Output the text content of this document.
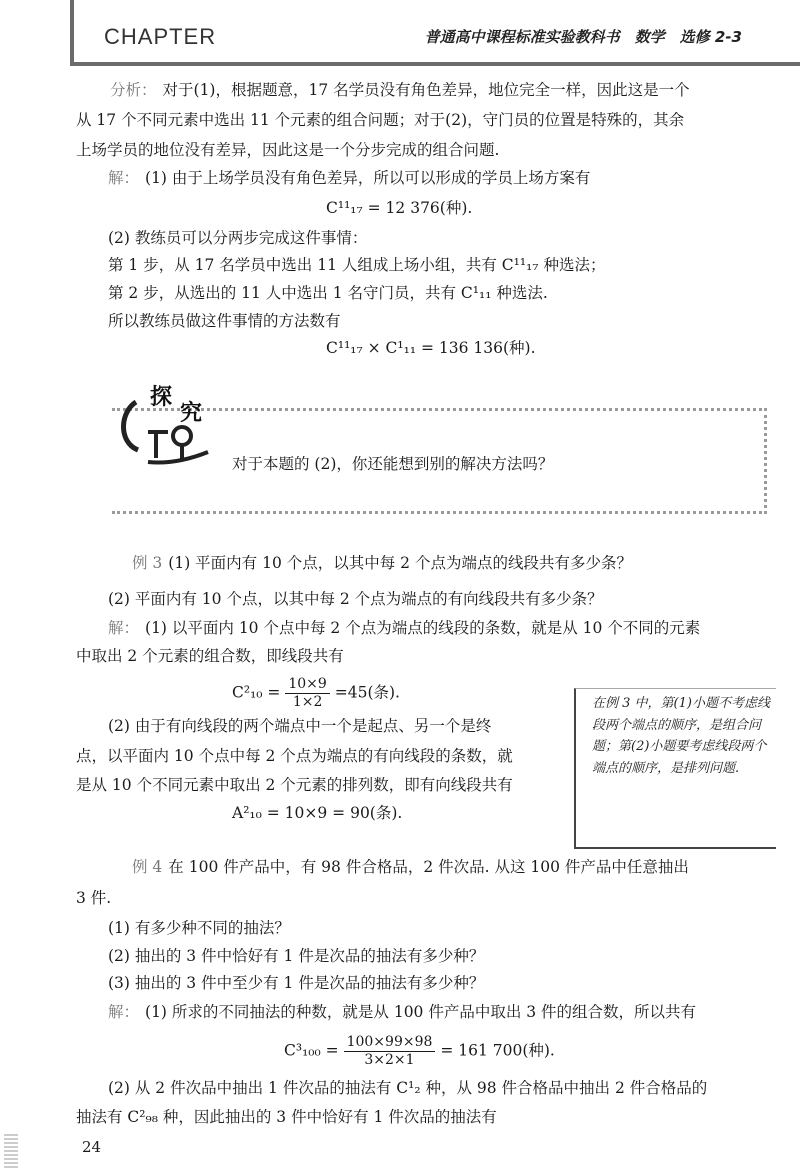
CHAPTER	普通高中课程标准实验教科书　数学　选修 2-3
分析： 对于(1)，根据题意，17 名学员没有角色差异，地位完全一样，因此这是一个
从 17 个不同元素中选出 11 个元素的组合问题；对于(2)，守门员的位置是特殊的，其余
上场学员的地位没有差异，因此这是一个分步完成的组合问题.
解： (1) 由于上场学员没有角色差异，所以可以形成的学员上场方案有
C¹¹₁₇ = 12 376(种).
(2) 教练员可以分两步完成这件事情：
第 1 步，从 17 名学员中选出 11 人组成上场小组，共有 C¹¹₁₇ 种选法；
第 2 步，从选出的 11 人中选出 1 名守门员，共有 C¹₁₁ 种选法.
所以教练员做这件事情的方法数有
C¹¹₁₇ × C¹₁₁ = 136 136(种).
探
究
对于本题的 (2)，你还能想到别的解决方法吗？
例 3 (1) 平面内有 10 个点，以其中每 2 个点为端点的线段共有多少条？
(2) 平面内有 10 个点，以其中每 2 个点为端点的有向线段共有多少条？
解： (1) 以平面内 10 个点中每 2 个点为端点的线段的条数，就是从 10 个不同的元素
中取出 2 个元素的组合数，即线段共有
$C^2_{10} = \frac{10\times 9}{1\times 2} =45$(条).
(2) 由于有向线段的两个端点中一个是起点、另一个是终
点，以平面内 10 个点中每 2 个点为端点的有向线段的条数，就
是从 10 个不同元素中取出 2 个元素的排列数，即有向线段共有
A²₁₀ = 10×9 = 90(条).
在例 3 中，第(1)小题不考虑线段两个端点的顺序，是组合问题；第(2)小题要考虑线段两个端点的顺序，是排列问题.
例 4 在 100 件产品中，有 98 件合格品，2 件次品. 从这 100 件产品中任意抽出
3 件.
(1) 有多少种不同的抽法？
(2) 抽出的 3 件中恰好有 1 件是次品的抽法有多少种？
(3) 抽出的 3 件中至少有 1 件是次品的抽法有多少种？
解： (1) 所求的不同抽法的种数，就是从 100 件产品中取出 3 件的组合数，所以共有
$C^3_{100} = \frac{100\times 99\times 98}{3\times 2\times 1} = 161$ 700(种).
(2) 从 2 件次品中抽出 1 件次品的抽法有 C¹₂ 种，从 98 件合格品中抽出 2 件合格品的
抽法有 C²₉₈ 种，因此抽出的 3 件中恰好有 1 件次品的抽法有
24
